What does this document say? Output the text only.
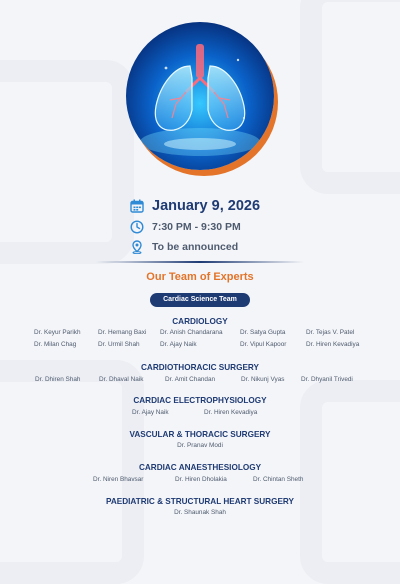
January 9, 2026
7:30 PM - 9:30 PM
To be announced
Our Team of Experts
Cardiac Science Team
CARDIOLOGY
Dr. Keyur Parikh	Dr. Hemang Baxi	Dr. Anish Chandarana	Dr. Satya Gupta	Dr. Tejas V. Patel
Dr. Milan Chag	Dr. Urmil Shah	Dr. Ajay Naik	Dr. Vipul Kapoor	Dr. Hiren Kevadiya
CARDIOTHORACIC SURGERY
Dr. Dhiren Shah	Dr. Dhaval Naik	Dr. Amit Chandan	Dr. Nikunj Vyas	Dr. Dhyanil Trivedi
CARDIAC ELECTROPHYSIOLOGY
Dr. Ajay Naik	Dr. Hiren Kevadiya
VASCULAR & THORACIC SURGERY
Dr. Pranav Modi
CARDIAC ANAESTHESIOLOGY
Dr. Niren Bhavsar	Dr. Hiren Dholakia	Dr. Chintan Sheth
PAEDIATRIC & STRUCTURAL HEART SURGERY
Dr. Shaunak Shah
